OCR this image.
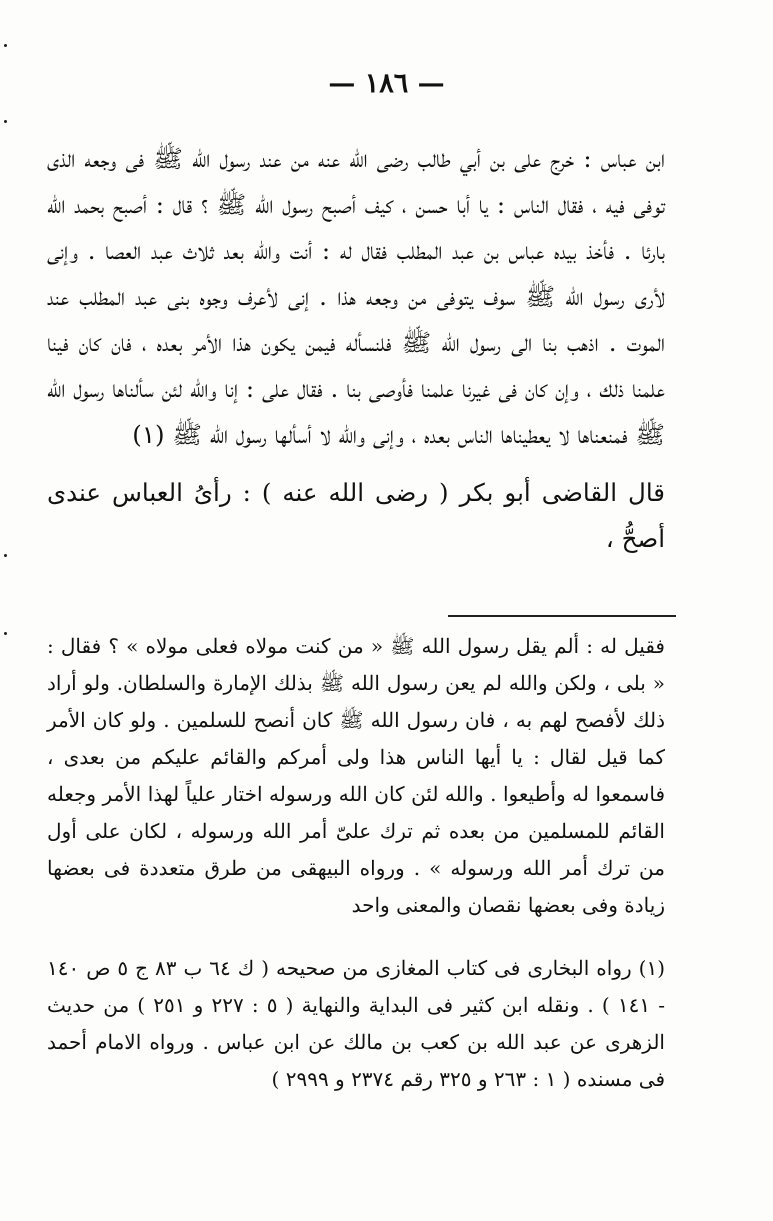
— ١٨٦ —

ابن عباس : خرج على بن أبي طالب رضى الله عنه من عند رسول الله ﷺ فى وجعه الذى توفى فيه ، فقال الناس : يا أبا حسن ، كيف أصبح رسول الله ﷺ ؟ قال : أصبح بحمد الله بارئا . فأخذ بيده عباس بن عبد المطلب فقال له : أنت والله بعد ثلاث عبد العصا . وإنى لأرى رسول الله ﷺ سوف يتوفى من وجعه هذا . إنى لأعرف وجوه بنى عبد المطلب عند الموت . اذهب بنا الى رسول الله ﷺ فلنسأله فيمن يكون هذا الأمر بعده ، فان كان فينا علمنا ذلك ، وإن كان فى غيرنا علمنا فأوصى بنا . فقال على : إنا والله لئن سألناها رسول الله ﷺ فمنعناها لا يعطيناها الناس بعده ، وإنى والله لا أسألها رسول الله ﷺ (١)

قال القاضى أبو بكر ( رضى الله عنه ) : رأىُ العباس عندى أصحُّ ،

فقيل له : ألم يقل رسول الله ﷺ « من كنت مولاه فعلى مولاه » ؟ فقال : « بلى ، ولكن والله لم يعن رسول الله ﷺ بذلك الإمارة والسلطان. ولو أراد ذلك لأفصح لهم به ، فان رسول الله ﷺ كان أنصح للسلمين . ولو كان الأمر كما قيل لقال : يا أيها الناس هذا ولى أمركم والقائم عليكم من بعدى ، فاسمعوا له وأطيعوا . والله لئن كان الله ورسوله اختار علياً لهذا الأمر وجعله القائم للمسلمين من بعده ثم ترك علىّ أمر الله ورسوله ، لكان على أول من ترك أمر الله ورسوله » . ورواه البيهقى من طرق متعددة فى بعضها زيادة وفى بعضها نقصان والمعنى واحد

(١) رواه البخارى فى كتاب المغازى من صحيحه ( ك ٦٤ ب ٨٣ ج ٥ ص ١٤٠ - ١٤١ ) . ونقله ابن كثير فى البداية والنهاية ( ٥ : ٢٢٧ و ٢٥١ ) من حديث الزهرى عن عبد الله بن كعب بن مالك عن ابن عباس . ورواه الامام أحمد فى مسنده ( ١ : ٢٦٣ و ٣٢٥ رقم ٢٣٧٤ و ٢٩٩٩ )
